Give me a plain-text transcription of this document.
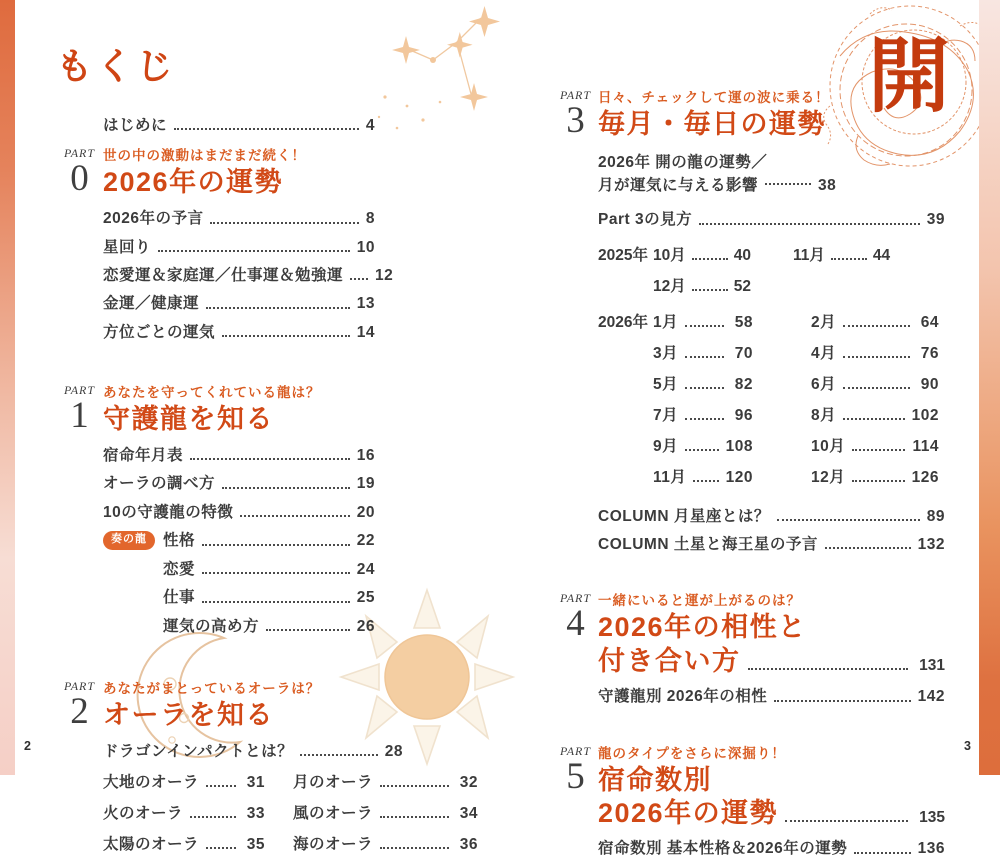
開
もくじ
はじめに	4
PART
0
世の中の激動はまだまだ続く！
2026年の運勢
2026年の予言	8
星回り	10
恋愛運＆家庭運／仕事運＆勉強運 12
金運／健康運	13
方位ごとの運気	14
PART
1
あなたを守ってくれている龍は？
守護龍を知る
宿命年月表	16
オーラの調べ方	19
10の守護龍の特徴	20
奏の龍	性格	22
恋愛	24
仕事	25
運気の高め方	26
PART
2
あなたがまとっているオーラは？
オーラを知る
ドラゴンインパクトとは？	28
大地のオーラ	31 月のオーラ	32
火のオーラ	33 風のオーラ	34
太陽のオーラ	35 海のオーラ	36
PART
3
日々、チェックして運の波に乗る！
毎月・毎日の運勢
2026年 開の龍の運勢／
月が運気に与える影響	38
Part 3の見方	39
2025年 10月	40	11月	44
12月	52
2026年 1月	58	2月	64
3月	70	4月	76
5月	82	6月	90
7月	96	8月	102
9月	108	10月	114
11月	120	12月	126
COLUMN 月星座とは？	89
COLUMN 土星と海王星の予言	132
PART
4
一緒にいると運が上がるのは？
2026年の相性と
付き合い方	131
守護龍別 2026年の相性	142
PART
5
龍のタイプをさらに深掘り！
宿命数別
2026年の運勢	135
宿命数別 基本性格＆2026年の運勢	136
2	3
